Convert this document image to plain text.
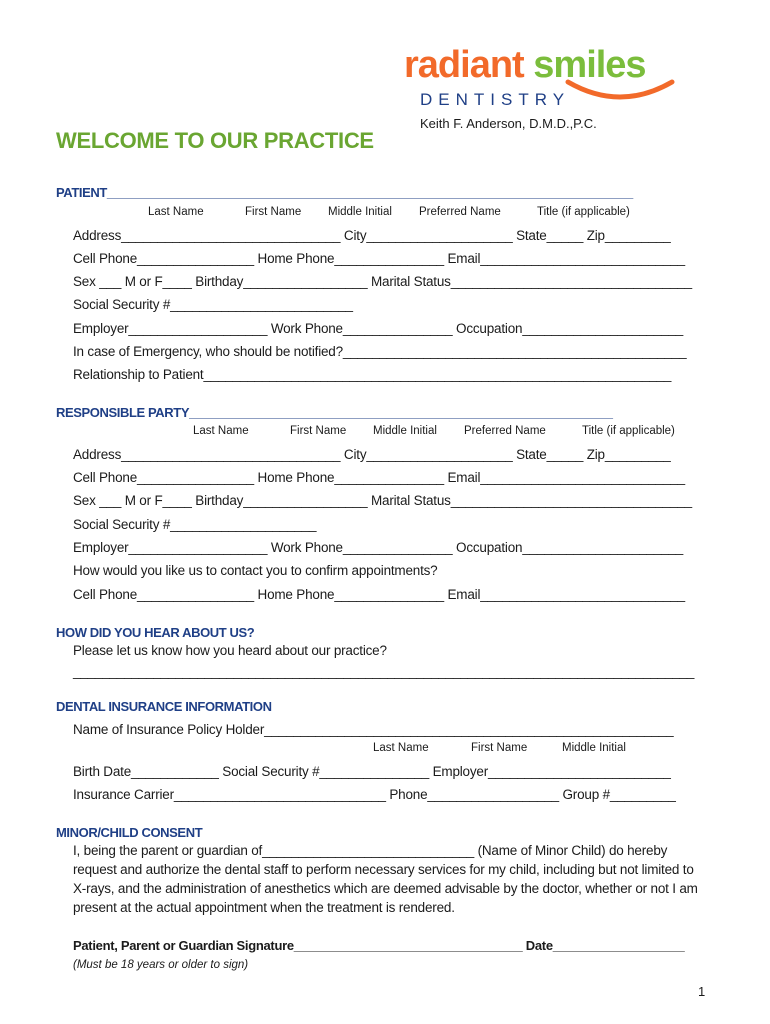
radiant smiles
DENTISTRY
Keith F. Anderson, D.M.D.,P.C.
WELCOME TO OUR PRACTICE
PATIENT_____________________________________________________________________________
Last Name	First Name Middle Initial Preferred Name	Title (if applicable)
Address______________________________ City____________________ State_____ Zip_________
Cell Phone________________ Home Phone_______________ Email____________________________
Sex ___ M or F____ Birthday_________________ Marital Status_________________________________
Social Security #_________________________
Employer___________________ Work Phone_______________ Occupation______________________
In case of Emergency, who should be notified?_______________________________________________
Relationship to Patient________________________________________________________________
RESPONSIBLE PARTY______________________________________________________________
Last Name	First Name Middle Initial Preferred Name	Title (if applicable)
Address______________________________ City____________________ State_____ Zip_________
Cell Phone________________ Home Phone_______________ Email____________________________
Sex ___ M or F____ Birthday_________________ Marital Status_________________________________
Social Security #____________________
Employer___________________ Work Phone_______________ Occupation______________________
How would you like us to contact you to confirm appointments?
Cell Phone________________ Home Phone_______________ Email____________________________
HOW DID YOU HEAR ABOUT US?
Please let us know how you heard about our practice?
_____________________________________________________________________________________
DENTAL INSURANCE INFORMATION
Name of Insurance Policy Holder________________________________________________________
Last Name	First Name	Middle Initial
Birth Date____________ Social Security #_______________ Employer_________________________
Insurance Carrier_____________________________ Phone__________________ Group #_________
MINOR/CHILD CONSENT
I, being the parent or guardian of_____________________________ (Name of Minor Child) do hereby
request and authorize the dental staff to perform necessary services for my child, including but not limited to
X-rays, and the administration of anesthetics which are deemed advisable by the doctor, whether or not I am
present at the actual appointment when the treatment is rendered.
Patient, Parent or Guardian Signature_________________________________ Date___________________
(Must be 18 years or older to sign)
1
